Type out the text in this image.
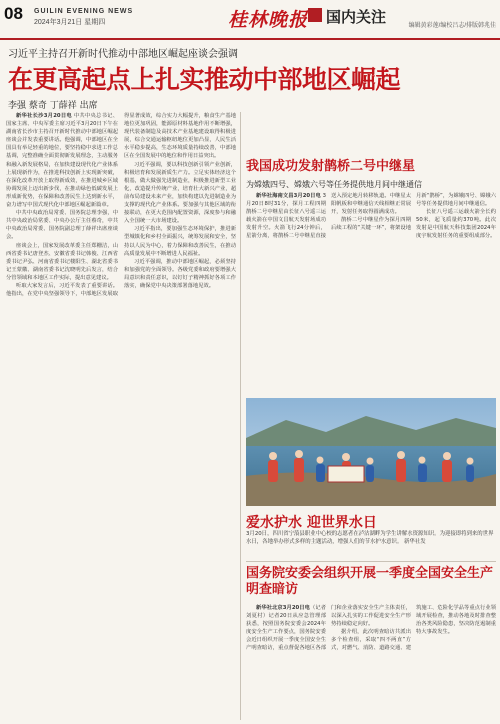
08 GUILIN EVENING NEWS
2024年3月21日 星期四	桂林晚报 国内关注	编辑黄彩莲/编校吕志/排版韩兆佳
习近平主持召开新时代推动中部地区崛起座谈会强调
在更高起点上扎实推动中部地区崛起
李强 蔡奇 丁薛祥 出席

新华社长沙3月20日电 中共中央总书记、国家主席、中央军委主席习近平3月20日下午在湖南省长沙市主持召开新时代推动中部地区崛起座谈会并发表重要讲话。他强调，中部地区在全国具有举足轻重的地位，要坚持稳中求进工作总基调，完整准确全面贯彻新发展理念，主动服务和融入新发展格局，在加快建设现代化产业体系上展现新作为，在推进科技创新上实现新突破，在深化改革开放上取得新成效，在推进城乡区域协调发展上迈出新步伐，在推动绿色低碳发展上形成新优势，在保障和改善民生上达到新水平，奋力谱写中国式现代化中部地区崛起新篇章。

中共中央政治局常委、国务院总理李强，中共中央政治局常委、中央办公厅主任蔡奇，中共中央政治局常委、国务院副总理丁薛祥出席座谈会。

座谈会上，国家发展改革委主任郑栅洁，山西省委书记唐登杰、安徽省委书记韩俊、江西省委书记尹弘、河南省委书记楼阳生、湖北省委书记王蒙徽、湖南省委书记沈晓明先后发言，结合分管领域和本地区工作实际，提出意见建议。

听取大家发言后，习近平发表了重要讲话。他指出，在党中央坚强领导下，中部地区发展取得显著成效，综合实力大幅提升，粮食生产基地地位更加巩固，能源原材料基地作用不断增强，现代装备制造及高技术产业基地建设取得积极进展，综合交通运输枢纽地位更加凸显，人民生活水平稳步提高，生态环境质量持续改善，中部地区在全国发展中的地位和作用日益突出。

习近平强调，要以科技创新引领产业创新，积极培育和发展新质生产力。立足实体经济这个根基，做大做强先进制造业，积极推进新型工业化，改造提升传统产业，培育壮大新兴产业，超前布局建设未来产业，加快构建以先进制造业为支撑的现代化产业体系。要加强与其他区域的衔接联动，在更大范围内配置资源，深度参与和融入全国统一大市场建设。

习近平指出，要加强生态环境保护，推进新型城镇化和乡村全面振兴，统筹发展和安全，坚持以人民为中心，着力保障和改善民生，在推动高质量发展中不断增进人民福祉。

习近平强调，推动中部地区崛起，必须坚持和加强党的全面领导。各级党委和政府要增强大局意识和责任意识，以钉钉子精神抓好各项工作落实，确保党中央决策部署落地见效。

我国成功发射鹊桥二号中继星
为嫦娥四号、嫦娥六号等任务提供地月间中继通信

新华社海南文昌3月20日电 3月20日8时31分，探月工程四期鹊桥二号中继星由长征八号遥三运载火箭在中国文昌航天发射场成功发射升空。火箭飞行24分钟后，星箭分离，将鹊桥二号中继星直接送入预定地月转移轨道。中继星太阳帆板和中继通信天线相继正常展开，发射任务取得圆满成功。

鹊桥二号中继星作为探月四期后续工程的“关键一环”，将架设地月新“鹊桥”，为嫦娥四号、嫦娥六号等任务提供地月间中继通信。

长征八号遥三运载火箭全长约50米，起飞质量约370吨。此次发射是中国航天科技集团2024年度宇航发射任务的重要组成部分。

爱水护水 迎世界水日
3月20日，四川省宁蒗县职业中心校的志愿者在泸沽湖畔为学生讲解水资源知识。为迎接即将到来的世界水日，各地举办形式多样的主题活动，增强人们的节水护水意识。 新华社发
国务院安委会组织开展一季度全国安全生产明查暗访

新华社北京3月20日电（记者刘夏村）记者20日从应急管理部获悉，按照国务院安委会2024年度安全生产工作要点，国务院安委会近日组织开展一季度全国安全生产明查暗访，重点督促各地区各部门和企业落实安全生产主体责任，以深入扎实的工作促进安全生产形势持续稳定向好。

据介绍，此次明查暗访共派出多个检查组，采取“四不两直”方式，对燃气、消防、道路交通、建筑施工、危险化学品等重点行业领域开展检查，推动各地及时排查整治各类风险隐患，坚决防范遏制重特大事故发生。
